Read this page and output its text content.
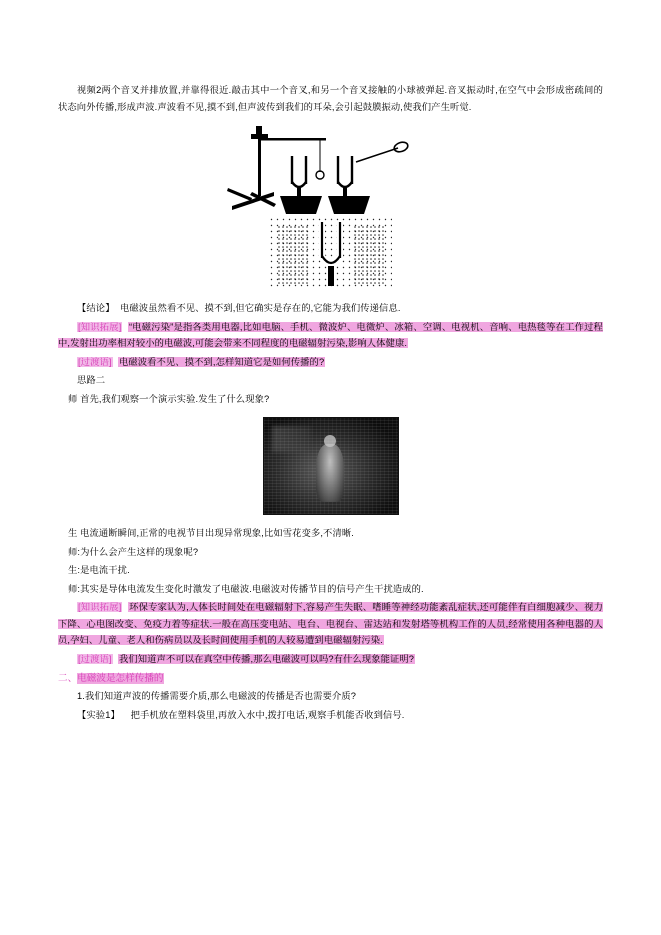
视频2两个音叉并排放置,并靠得很近.敲击其中一个音叉,和另一个音叉接触的小球被弹起.音叉振动时,在空气中会形成密疏间的状态向外传播,形成声波.声波看不见,摸不到,但声波传到我们的耳朵,会引起鼓膜振动,使我们产生听觉.

【结论】 电磁波虽然看不见、摸不到,但它确实是存在的,它能为我们传递信息.

[知识拓展] “电磁污染”是指各类用电器,比如电脑、手机、微波炉、电微炉、冰箱、空调、电视机、音响、电热毯等在工作过程中,发射出功率相对较小的电磁波,可能会带来不同程度的电磁辐射污染,影响人体健康.

[过渡语] 电磁波看不见、摸不到,怎样知道它是如何传播的?

思路二

师 首先,我们观察一个演示实验.发生了什么现象?

生 电流通断瞬间,正常的电视节目出现异常现象,比如雪花变多,不清晰.

师:为什么会产生这样的现象呢?

生:是电流干扰.

师:其实是导体电流发生变化时激发了电磁波.电磁波对传播节目的信号产生干扰造成的.

[知识拓展] 环保专家认为,人体长时间处在电磁辐射下,容易产生失眠、嗜睡等神经功能紊乱症状,还可能伴有白细胞减少、视力下降、心电图改变、免疫力着等症状.一般在高压变电站、电台、电视台、雷达站和发射塔等机构工作的人员,经常使用各种电器的人员,孕妇、儿童、老人和伤病员以及长时间使用手机的人较易遭到电磁辐射污染.

[过渡语] 我们知道声不可以在真空中传播,那么电磁波可以吗?有什么现象能证明?

二、电磁波是怎样传播的

1.我们知道声波的传播需要介质,那么电磁波的传播是否也需要介质?

【实验1】 把手机放在塑料袋里,再放入水中,拨打电话,观察手机能否收到信号.
